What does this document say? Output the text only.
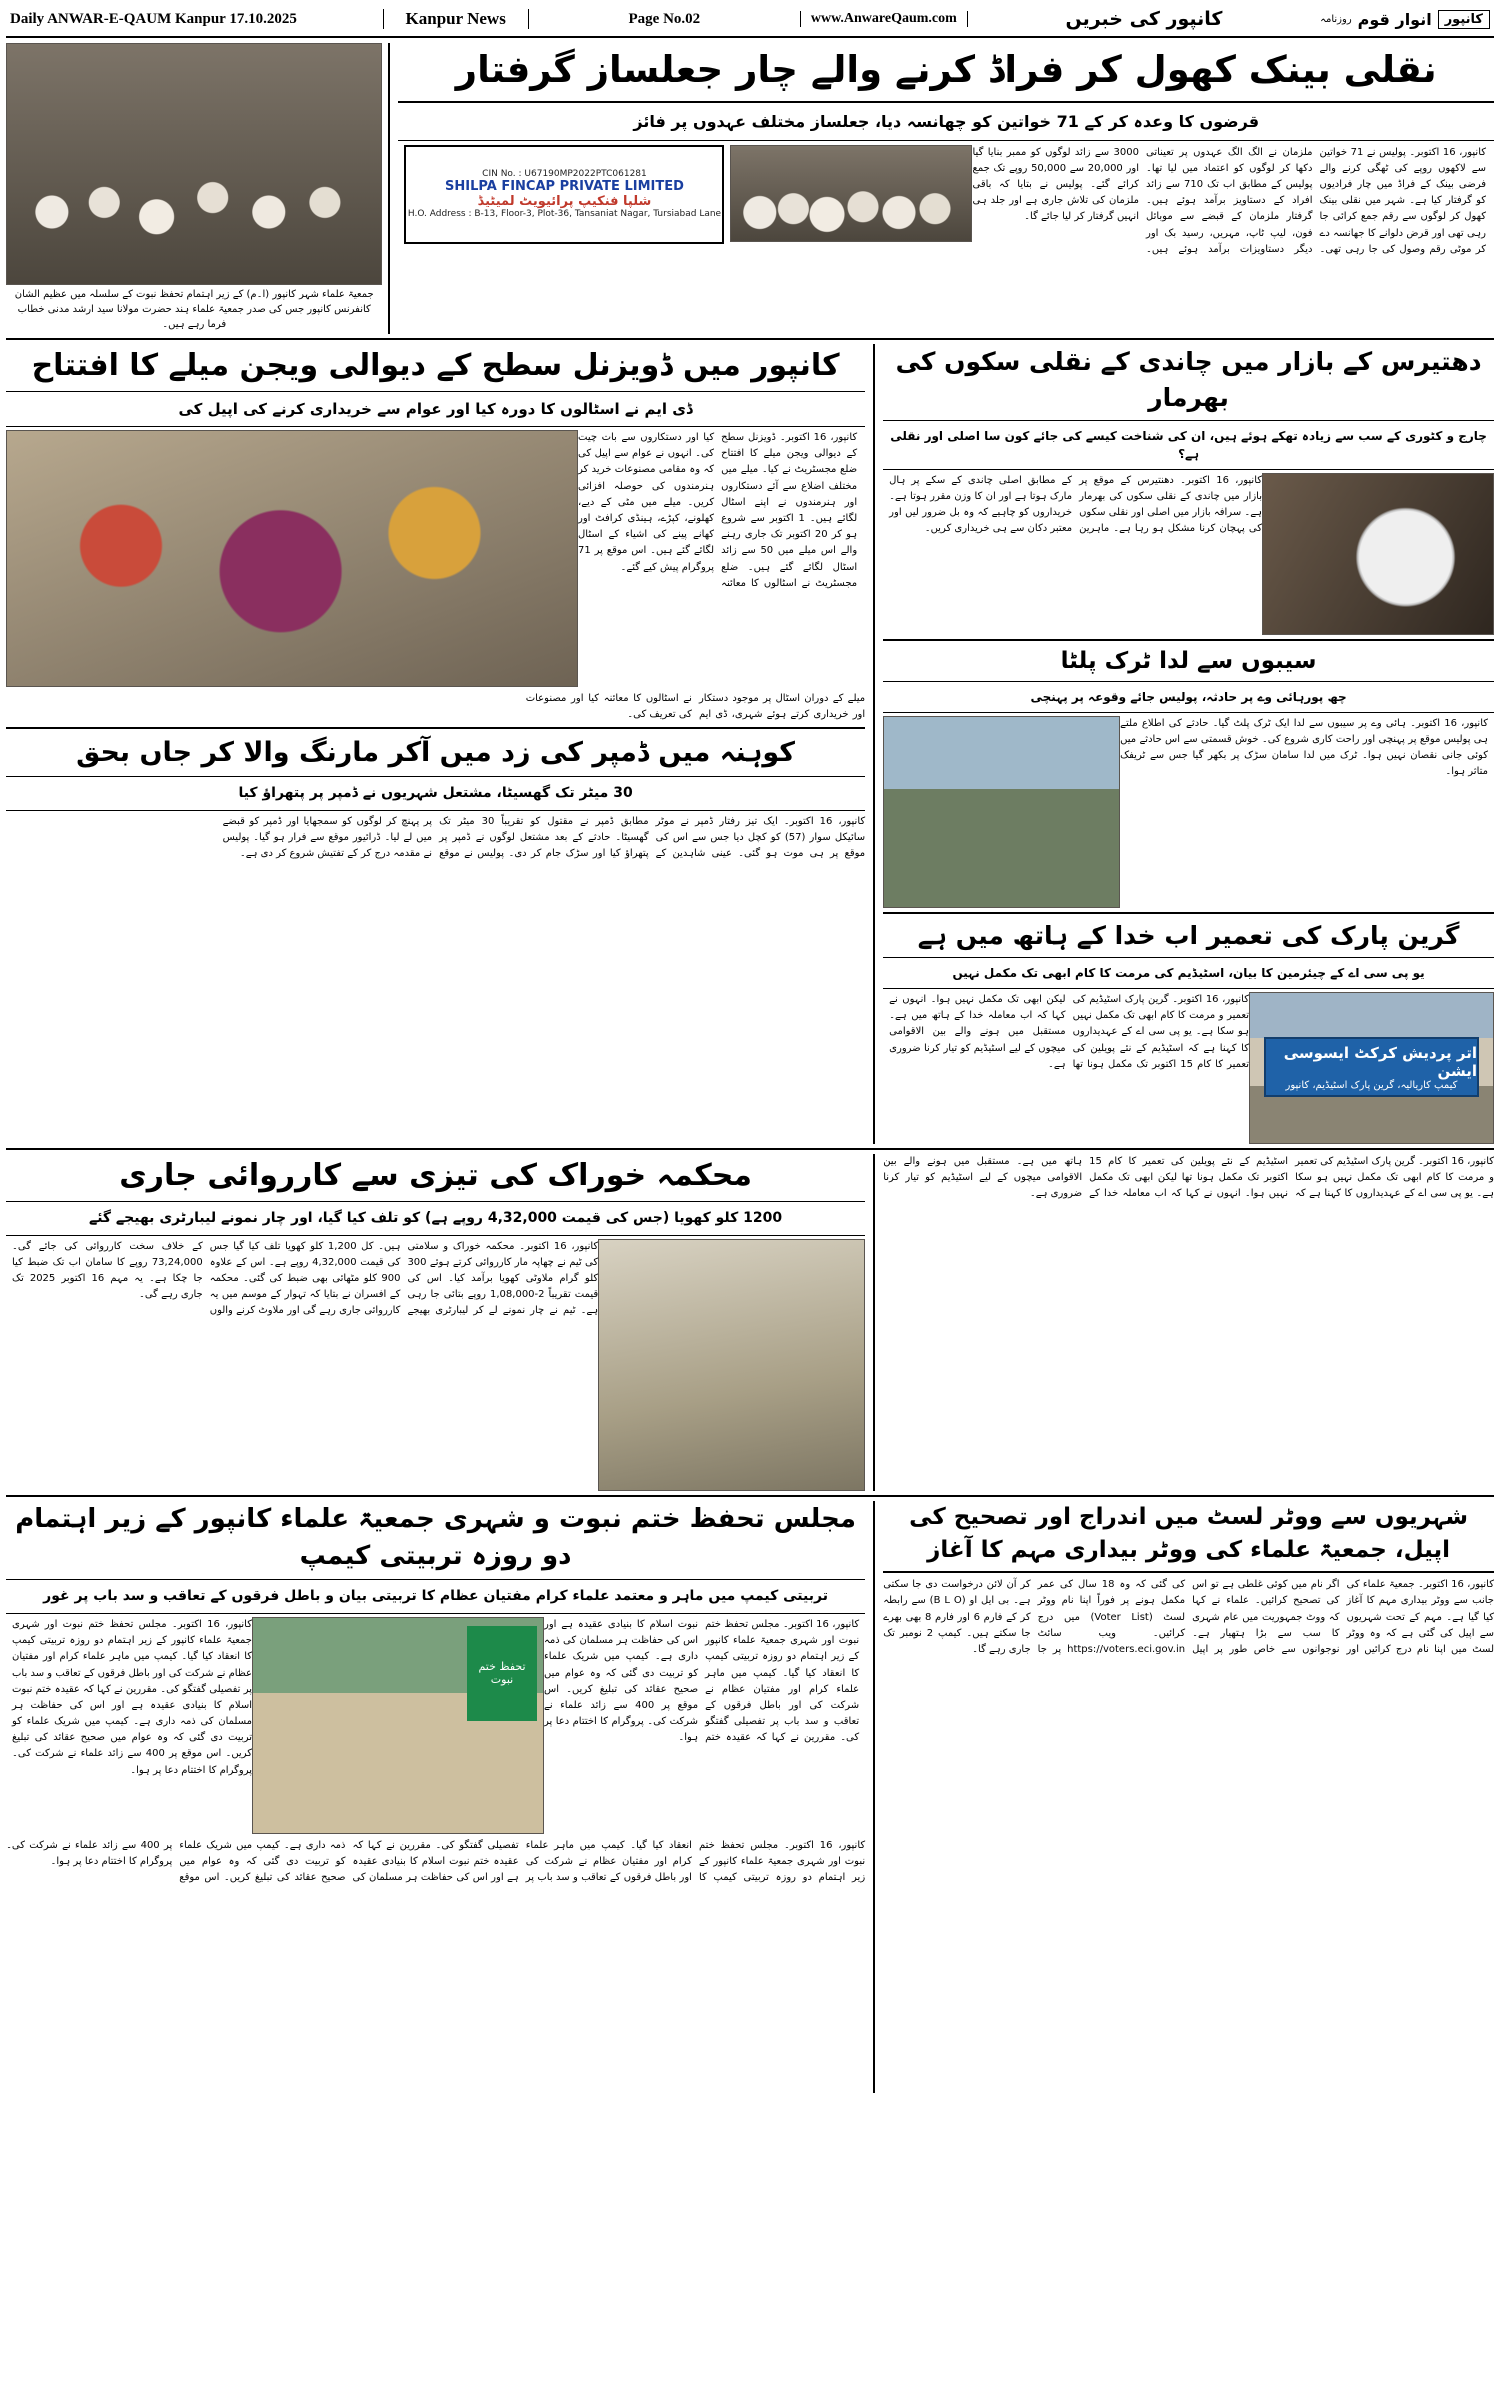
Daily ANWAR-E-QAUM Kanpur 17.10.2025	Kanpur News	Page No.02	www.AnwareQaum.com	کانپور کی خبریں	کانپور
انوار قوم
روزنامہ
جمعیۃ علماء شہر کانپور (ا۔م) کے زیر اہتمام تحفظ نبوت کے سلسلہ میں عظیم الشان کانفرنس کانپور جس کی صدر جمعیۃ علماء ہند حضرت مولانا سید ارشد مدنی خطاب فرما رہے ہیں۔
نقلی بینک کھول کر فراڈ کرنے والے چار جعلساز گرفتار
قرضوں کا وعدہ کر کے 71 خواتین کو چھانسہ دیا، جعلساز مختلف عہدوں پر فائز
CIN No. : U67190MP2022PTC061281
SHILPA FINCAP PRIVATE LIMITED
شلپا فنکیپ پرائیویٹ لمیٹیڈ
H.O. Address : B-13, Floor-3, Plot-36, Tansaniat Nagar, Tursiabad Lane
کانپور، 16 اکتوبر۔ پولیس نے 71 خواتین سے لاکھوں روپے کی ٹھگی کرنے والے فرضی بینک کے فراڈ میں چار فرادیوں کو گرفتار کیا ہے۔ شہر میں نقلی بینک کھول کر لوگوں سے رقم جمع کرائی جا رہی تھی اور قرض دلوانے کا جھانسہ دے کر موٹی رقم وصول کی جا رہی تھی۔ ملزمان نے الگ الگ عہدوں پر تعیناتی دکھا کر لوگوں کو اعتماد میں لیا تھا۔ پولیس کے مطابق اب تک 710 سے زائد افراد کے دستاویز برآمد ہوئے ہیں۔ گرفتار ملزمان کے قبضے سے موبائل فون، لیپ ٹاپ، مہریں، رسید بک اور دیگر دستاویزات برآمد ہوئے ہیں۔ 3000 سے زائد لوگوں کو ممبر بنایا گیا اور 20,000 سے 50,000 روپے تک جمع کرائے گئے۔ پولیس نے بتایا کہ باقی ملزمان کی تلاش جاری ہے اور جلد ہی انہیں گرفتار کر لیا جائے گا۔
کانپور میں ڈویزنل سطح کے دیوالی ویجن میلے کا افتتاح
ڈی ایم نے اسٹالوں کا دورہ کیا اور عوام سے خریداری کرنے کی اپیل کی
کانپور، 16 اکتوبر۔ ڈویزنل سطح کے دیوالی ویجن میلے کا افتتاح ضلع مجسٹریٹ نے کیا۔ میلے میں مختلف اضلاع سے آئے دستکاروں اور ہنرمندوں نے اپنے اسٹال لگائے ہیں۔ 1 اکتوبر سے شروع ہو کر 20 اکتوبر تک جاری رہنے والے اس میلے میں 50 سے زائد اسٹال لگائے گئے ہیں۔ ضلع مجسٹریٹ نے اسٹالوں کا معائنہ کیا اور دستکاروں سے بات چیت کی۔ انہوں نے عوام سے اپیل کی کہ وہ مقامی مصنوعات خرید کر ہنرمندوں کی حوصلہ افزائی کریں۔ میلے میں مٹی کے دیے، کھلونے، کپڑے، ہینڈی کرافٹ اور کھانے پینے کی اشیاء کے اسٹال لگائے گئے ہیں۔ اس موقع پر 71 پروگرام پیش کیے گئے۔
میلے کے دوران اسٹال پر موجود دستکار اور خریداری کرتے ہوئے شہری، ڈی ایم نے اسٹالوں کا معائنہ کیا اور مصنوعات کی تعریف کی۔
کوہنہ میں ڈمپر کی زد میں آکر مارنگ والا کر جاں بحق
30 میٹر تک گھسیٹا، مشتعل شہریوں نے ڈمپر پر پتھراؤ کیا
کانپور، 16 اکتوبر۔ ایک تیز رفتار ڈمپر نے موٹر سائیکل سوار (57) کو کچل دیا جس سے اس کی موقع پر ہی موت ہو گئی۔ عینی شاہدین کے مطابق ڈمپر نے مقتول کو تقریباً 30 میٹر تک گھسیٹا۔ حادثے کے بعد مشتعل لوگوں نے ڈمپر پر پتھراؤ کیا اور سڑک جام کر دی۔ پولیس نے موقع پر پہنچ کر لوگوں کو سمجھایا اور ڈمپر کو قبضے میں لے لیا۔ ڈرائیور موقع سے فرار ہو گیا۔ پولیس نے مقدمہ درج کر کے تفتیش شروع کر دی ہے۔
دھتیرس کے بازار میں چاندی کے نقلی سکوں کی بھرمار
چارج و کٹوری کے سب سے زیادہ تھکے ہوئے ہیں، ان کی شناخت کیسے کی جائے کون سا اصلی اور نقلی ہے؟
کانپور، 16 اکتوبر۔ دھنتیرس کے موقع پر بازار میں چاندی کے نقلی سکوں کی بھرمار ہے۔ سرافہ بازار میں اصلی اور نقلی سکوں کی پہچان کرنا مشکل ہو رہا ہے۔ ماہرین کے مطابق اصلی چاندی کے سکے پر ہال مارک ہوتا ہے اور ان کا وزن مقرر ہوتا ہے۔ خریداروں کو چاہیے کہ وہ بل ضرور لیں اور معتبر دکان سے ہی خریداری کریں۔
سیبوں سے لدا ٹرک پلٹا
چھ پورہائی وے پر حادثہ، پولیس جائے وقوعہ پر پہنچی
کانپور، 16 اکتوبر۔ ہائی وے پر سیبوں سے لدا ایک ٹرک پلٹ گیا۔ حادثے کی اطلاع ملتے ہی پولیس موقع پر پہنچی اور راحت کاری شروع کی۔ خوش قسمتی سے اس حادثے میں کوئی جانی نقصان نہیں ہوا۔ ٹرک میں لدا سامان سڑک پر بکھر گیا جس سے ٹریفک متاثر ہوا۔
گرین پارک کی تعمیر اب خدا کے ہاتھ میں ہے
یو پی سی اے کے چیئرمین کا بیان، اسٹیڈیم کی مرمت کا کام ابھی تک مکمل نہیں
کانپور، 16 اکتوبر۔ گرین پارک اسٹیڈیم کی تعمیر و مرمت کا کام ابھی تک مکمل نہیں ہو سکا ہے۔ یو پی سی اے کے عہدیداروں کا کہنا ہے کہ اسٹیڈیم کے نئے پویلین کی تعمیر کا کام 15 اکتوبر تک مکمل ہونا تھا لیکن ابھی تک مکمل نہیں ہوا۔ انہوں نے کہا کہ اب معاملہ خدا کے ہاتھ میں ہے۔ مستقبل میں ہونے والے بین الاقوامی میچوں کے لیے اسٹیڈیم کو تیار کرنا ضروری ہے۔
اتر پردیش کرکٹ ایسوسی ایشن
کیمپ کاریالیہ، گرین پارک اسٹیڈیم، کانپور
محکمہ خوراک کی تیزی سے کارروائی جاری
1200 کلو کھویا (جس کی قیمت 4,32,000 روپے ہے) کو تلف کیا گیا، اور چار نمونے لیبارٹری بھیجے گئے
کانپور، 16 اکتوبر۔ محکمہ خوراک و سلامتی کی ٹیم نے چھاپہ مار کارروائی کرتے ہوئے 300 کلو گرام ملاوٹی کھویا برآمد کیا۔ اس کی قیمت تقریباً 2-1,08,000 روپے بتائی جا رہی ہے۔ ٹیم نے چار نمونے لے کر لیبارٹری بھیجے ہیں۔ کل 1,200 کلو کھویا تلف کیا گیا جس کی قیمت 4,32,000 روپے ہے۔ اس کے علاوہ 900 کلو مٹھائی بھی ضبط کی گئی۔ محکمہ کے افسران نے بتایا کہ تہوار کے موسم میں یہ کارروائی جاری رہے گی اور ملاوٹ کرنے والوں کے خلاف سخت کارروائی کی جائے گی۔ 73,24,000 روپے کا سامان اب تک ضبط کیا جا چکا ہے۔ یہ مہم 16 اکتوبر 2025 تک جاری رہے گی۔
کانپور، 16 اکتوبر۔ گرین پارک اسٹیڈیم کی تعمیر و مرمت کا کام ابھی تک مکمل نہیں ہو سکا ہے۔ یو پی سی اے کے عہدیداروں کا کہنا ہے کہ اسٹیڈیم کے نئے پویلین کی تعمیر کا کام 15 اکتوبر تک مکمل ہونا تھا لیکن ابھی تک مکمل نہیں ہوا۔ انہوں نے کہا کہ اب معاملہ خدا کے ہاتھ میں ہے۔ مستقبل میں ہونے والے بین الاقوامی میچوں کے لیے اسٹیڈیم کو تیار کرنا ضروری ہے۔
مجلس تحفظ ختم نبوت و شہری جمعیۃ علماء کانپور کے زیر اہتمام دو روزہ تربیتی کیمپ
تربیتی کیمپ میں ماہر و معتمد علماء کرام مفتیان عظام کا تربیتی بیان و باطل فرقوں کے تعاقب و سد باب پر غور
کانپور، 16 اکتوبر۔ مجلس تحفظ ختم نبوت اور شہری جمعیۃ علماء کانپور کے زیر اہتمام دو روزہ تربیتی کیمپ کا انعقاد کیا گیا۔ کیمپ میں ماہر علماء کرام اور مفتیان عظام نے شرکت کی اور باطل فرقوں کے تعاقب و سد باب پر تفصیلی گفتگو کی۔ مقررین نے کہا کہ عقیدہ ختم نبوت اسلام کا بنیادی عقیدہ ہے اور اس کی حفاظت ہر مسلمان کی ذمہ داری ہے۔ کیمپ میں شریک علماء کو تربیت دی گئی کہ وہ عوام میں صحیح عقائد کی تبلیغ کریں۔ اس موقع پر 400 سے زائد علماء نے شرکت کی۔ پروگرام کا اختتام دعا پر ہوا۔
تحفظ ختم نبوت
کانپور، 16 اکتوبر۔ مجلس تحفظ ختم نبوت اور شہری جمعیۃ علماء کانپور کے زیر اہتمام دو روزہ تربیتی کیمپ کا انعقاد کیا گیا۔ کیمپ میں ماہر علماء کرام اور مفتیان عظام نے شرکت کی اور باطل فرقوں کے تعاقب و سد باب پر تفصیلی گفتگو کی۔ مقررین نے کہا کہ عقیدہ ختم نبوت اسلام کا بنیادی عقیدہ ہے اور اس کی حفاظت ہر مسلمان کی ذمہ داری ہے۔ کیمپ میں شریک علماء کو تربیت دی گئی کہ وہ عوام میں صحیح عقائد کی تبلیغ کریں۔ اس موقع پر 400 سے زائد علماء نے شرکت کی۔ پروگرام کا اختتام دعا پر ہوا۔
کانپور، 16 اکتوبر۔ مجلس تحفظ ختم نبوت اور شہری جمعیۃ علماء کانپور کے زیر اہتمام دو روزہ تربیتی کیمپ کا انعقاد کیا گیا۔ کیمپ میں ماہر علماء کرام اور مفتیان عظام نے شرکت کی اور باطل فرقوں کے تعاقب و سد باب پر تفصیلی گفتگو کی۔ مقررین نے کہا کہ عقیدہ ختم نبوت اسلام کا بنیادی عقیدہ ہے اور اس کی حفاظت ہر مسلمان کی ذمہ داری ہے۔ کیمپ میں شریک علماء کو تربیت دی گئی کہ وہ عوام میں صحیح عقائد کی تبلیغ کریں۔ اس موقع پر 400 سے زائد علماء نے شرکت کی۔ پروگرام کا اختتام دعا پر ہوا۔
شہریوں سے ووٹر لسٹ میں اندراج اور تصحیح کی اپیل، جمعیۃ علماء کی ووٹر بیداری مہم کا آغاز
کانپور، 16 اکتوبر۔ جمعیۃ علماء کی جانب سے ووٹر بیداری مہم کا آغاز کیا گیا ہے۔ مہم کے تحت شہریوں سے اپیل کی گئی ہے کہ وہ ووٹر لسٹ میں اپنا نام درج کرائیں اور اگر نام میں کوئی غلطی ہے تو اس کی تصحیح کرائیں۔ علماء نے کہا کہ ووٹ جمہوریت میں عام شہری کا سب سے بڑا ہتھیار ہے۔ نوجوانوں سے خاص طور پر اپیل کی گئی کہ وہ 18 سال کی عمر مکمل ہونے پر فوراً اپنا نام ووٹر لسٹ (Voter List) میں درج کرائیں۔ ویب سائٹ https://voters.eci.gov.in پر جا کر آن لائن درخواست دی جا سکتی ہے۔ بی ایل او (B L O) سے رابطہ کر کے فارم 6 اور فارم 8 بھی بھرے جا سکتے ہیں۔ کیمپ 2 نومبر تک جاری رہے گا۔
